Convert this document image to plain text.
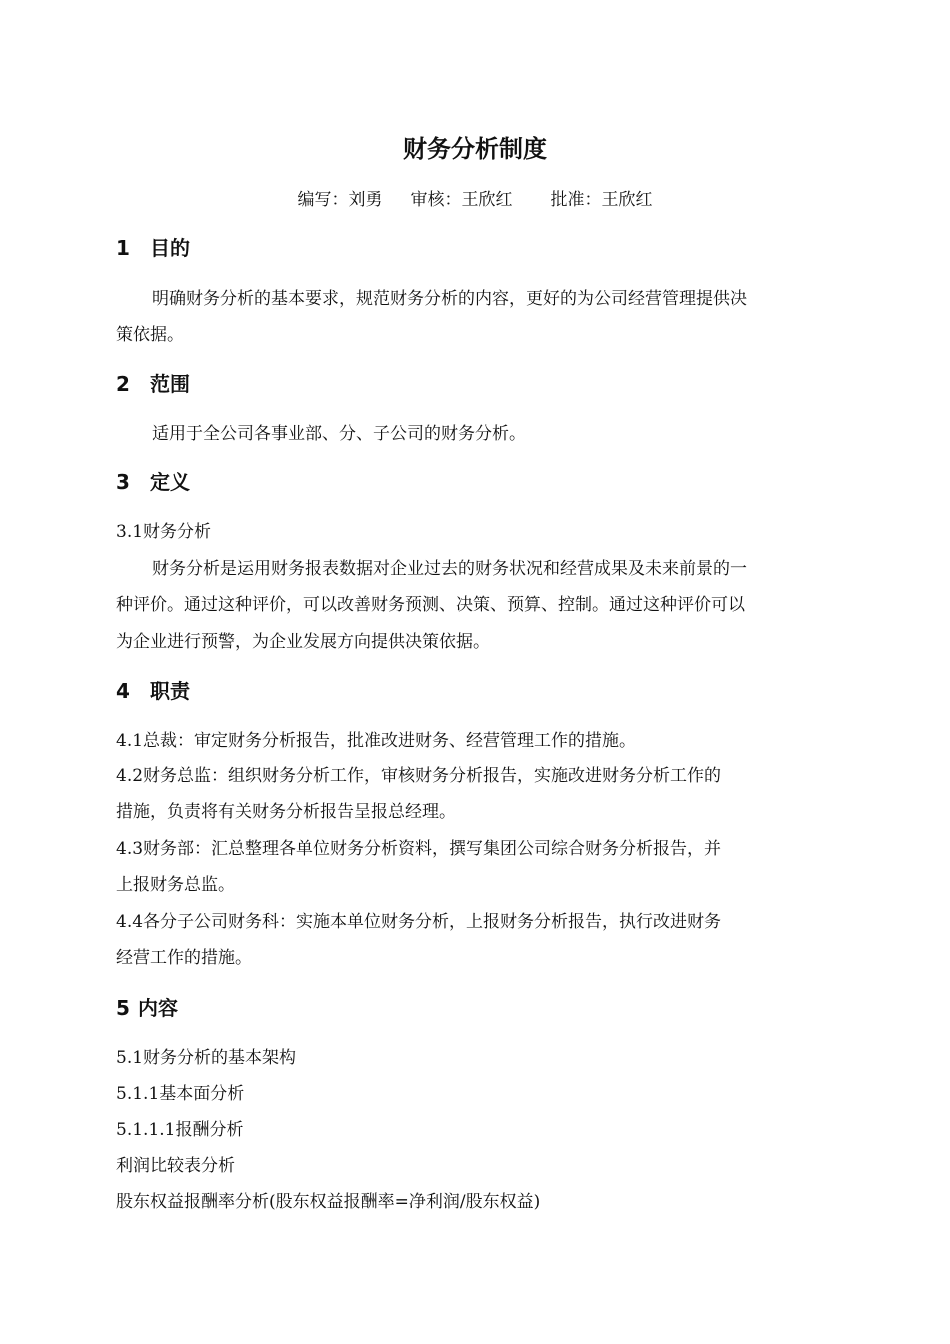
财务分析制度
编写：刘勇 审核：王欣红 批准：王欣红
1 目的
明确财务分析的基本要求，规范财务分析的内容，更好的为公司经营管理提供决
策依据。
2 范围
适用于全公司各事业部、分、子公司的财务分析。
3 定义
3.1财务分析
财务分析是运用财务报表数据对企业过去的财务状况和经营成果及未来前景的一
种评价。通过这种评价，可以改善财务预测、决策、预算、控制。通过这种评价可以
为企业进行预警，为企业发展方向提供决策依据。
4 职责
4.1总裁：审定财务分析报告，批准改进财务、经营管理工作的措施。
4.2财务总监：组织财务分析工作，审核财务分析报告，实施改进财务分析工作的
措施，负责将有关财务分析报告呈报总经理。
4.3财务部：汇总整理各单位财务分析资料，撰写集团公司综合财务分析报告，并
上报财务总监。
4.4各分子公司财务科：实施本单位财务分析，上报财务分析报告，执行改进财务
经营工作的措施。
5 内容
5.1财务分析的基本架构
5.1.1基本面分析
5.1.1.1报酬分析
利润比较表分析
股东权益报酬率分析(股东权益报酬率=净利润/股东权益)
